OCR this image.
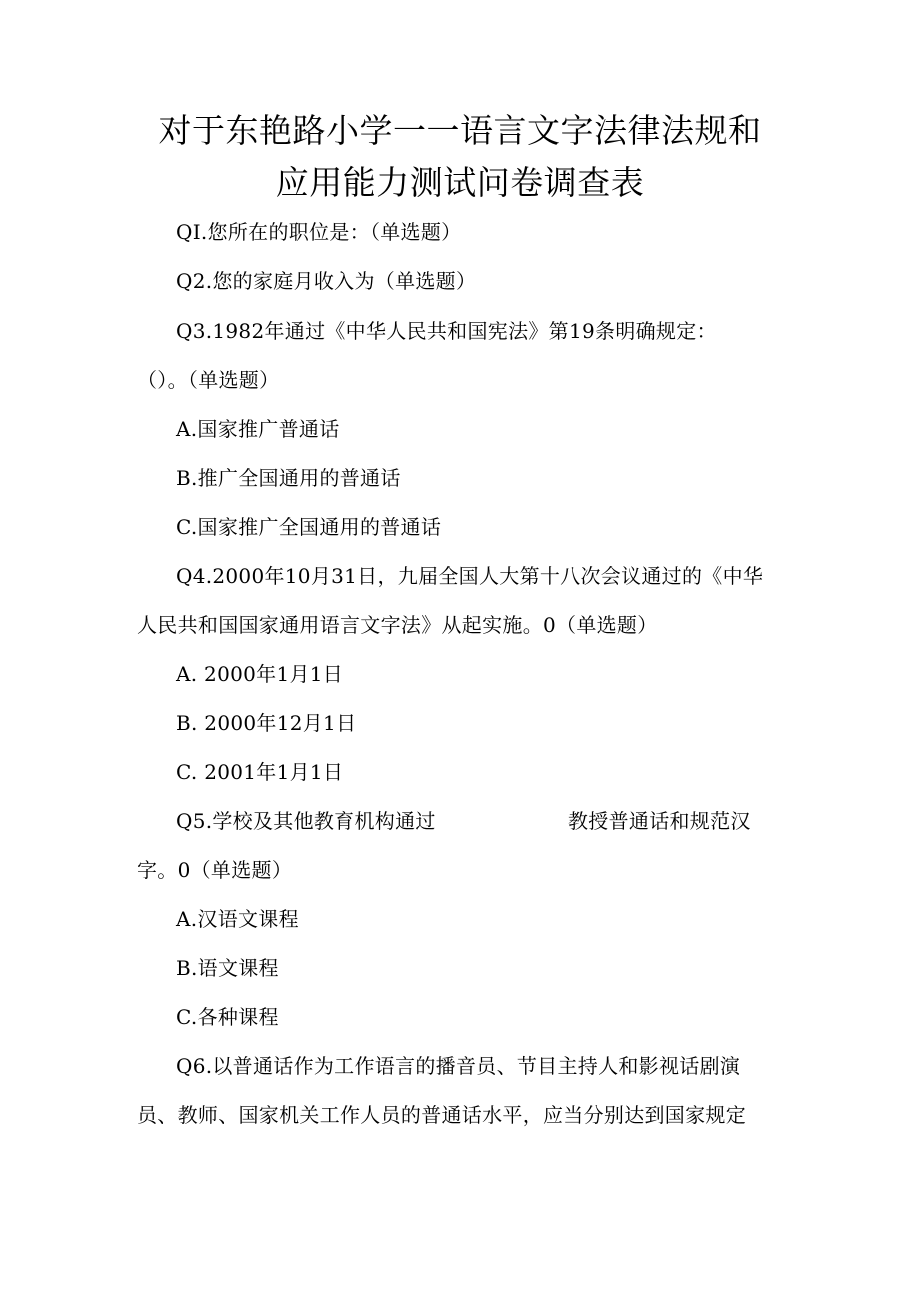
对于东艳路小学一一语言文字法律法规和
应用能力测试问卷调查表
QI.您所在的职位是：（单选题）
Q2.您的家庭月收入为（单选题）
Q3.1982年通过《中华人民共和国宪法》第19条明确规定：
（）。（单选题）
A.国家推广普通话
B.推广全国通用的普通话
C.国家推广全国通用的普通话
Q4.2000年10月31日，九届全国人大第十八次会议通过的《中华
人民共和国国家通用语言文字法》从起实施。0（单选题）
A. 2000年1月1日
B. 2000年12月1日
C. 2001年1月1日
Q5.学校及其他教育机构通过	教授普通话和规范汉
字。0（单选题）
A.汉语文课程
B.语文课程
C.各种课程
Q6.以普通话作为工作语言的播音员、节目主持人和影视话剧演
员、教师、国家机关工作人员的普通话水平，应当分别达到国家规定
